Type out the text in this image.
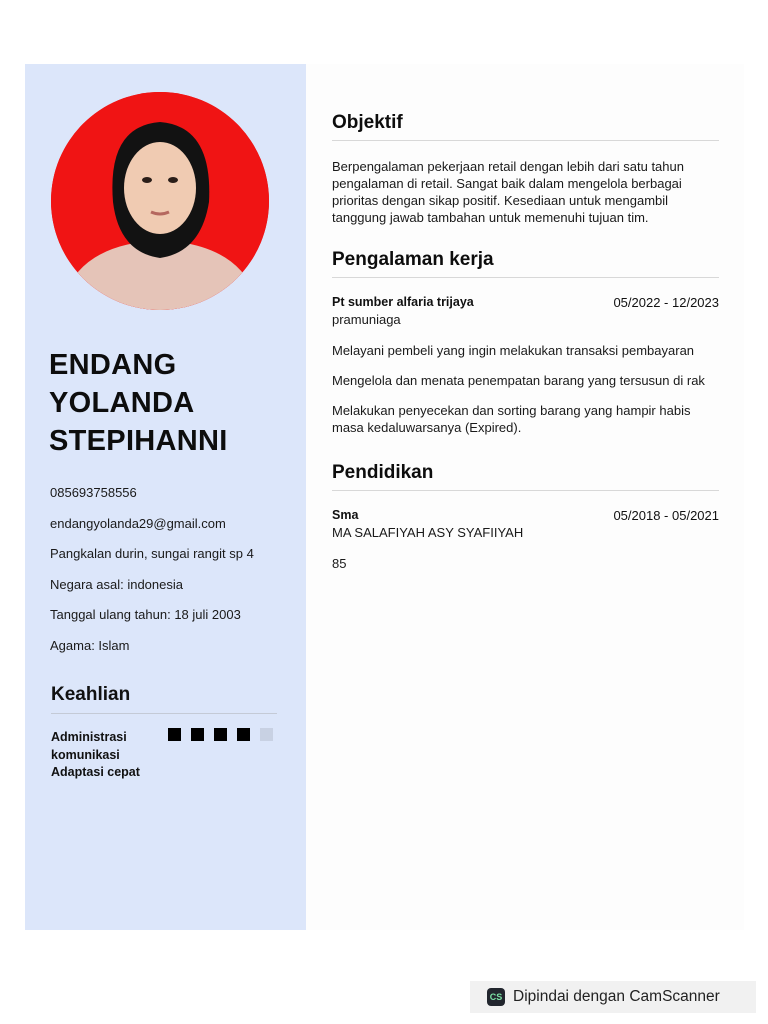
ENDANG
YOLANDA
STEPIHANNI
085693758556
endangyolanda29@gmail.com
Pangkalan durin, sungai rangit sp 4
Negara asal: indonesia
Tanggal ulang tahun: 18 juli 2003
Agama: Islam
Keahlian
Administrasi
komunikasi
Adaptasi cepat
Objektif
Berpengalaman pekerjaan retail dengan lebih dari satu tahun pengalaman di retail. Sangat baik dalam mengelola berbagai prioritas dengan sikap positif. Kesediaan untuk mengambil tanggung jawab tambahan untuk memenuhi tujuan tim.
Pengalaman kerja
Pt sumber alfaria trijaya	05/2022 - 12/2023
pramuniaga
Melayani pembeli yang ingin melakukan transaksi pembayaran
Mengelola dan menata penempatan barang yang tersusun di rak
Melakukan penyecekan dan sorting barang yang hampir habis masa kedaluwarsanya (Expired).
Pendidikan
Sma	05/2018 - 05/2021
MA SALAFIYAH ASY SYAFIIYAH
85
CS Dipindai dengan CamScanner
